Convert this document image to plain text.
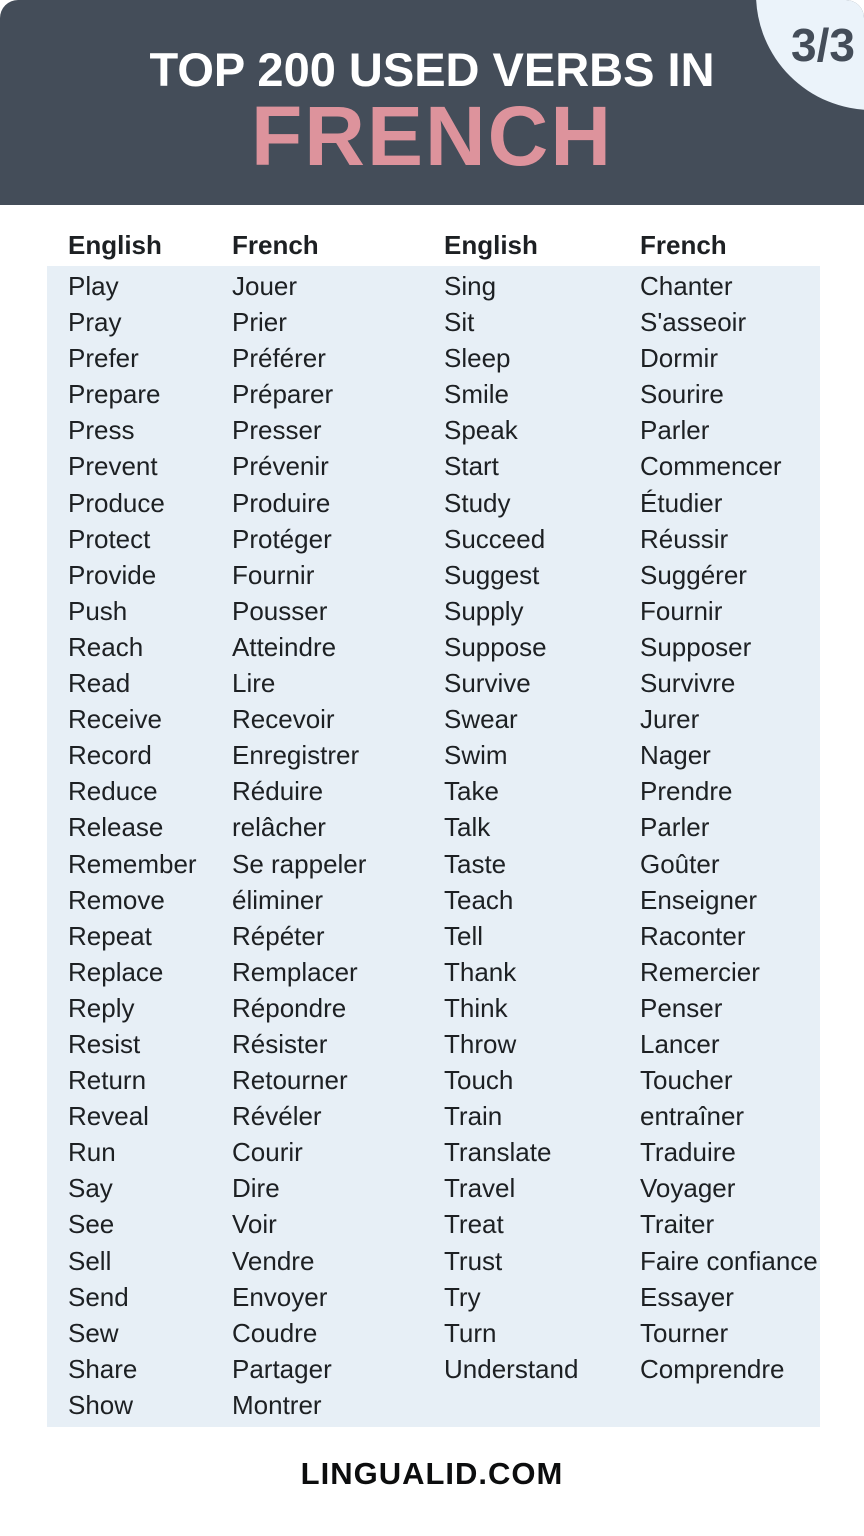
TOP 200 USED VERBS IN
FRENCH
3/3
English	French	English	French
Play	Jouer	Sing	Chanter
Pray	Prier	Sit	S'asseoir
Prefer	Préférer	Sleep	Dormir
Prepare	Préparer	Smile	Sourire
Press	Presser	Speak	Parler
Prevent	Prévenir	Start	Commencer
Produce	Produire	Study	Étudier
Protect	Protéger	Succeed	Réussir
Provide	Fournir	Suggest	Suggérer
Push	Pousser	Supply	Fournir
Reach	Atteindre	Suppose	Supposer
Read	Lire	Survive	Survivre
Receive	Recevoir	Swear	Jurer
Record	Enregistrer	Swim	Nager
Reduce	Réduire	Take	Prendre
Release	relâcher	Talk	Parler
Remember	Se rappeler	Taste	Goûter
Remove	éliminer	Teach	Enseigner
Repeat	Répéter	Tell	Raconter
Replace	Remplacer	Thank	Remercier
Reply	Répondre	Think	Penser
Resist	Résister	Throw	Lancer
Return	Retourner	Touch	Toucher
Reveal	Révéler	Train	entraîner
Run	Courir	Translate	Traduire
Say	Dire	Travel	Voyager
See	Voir	Treat	Traiter
Sell	Vendre	Trust	Faire confiance
Send	Envoyer	Try	Essayer
Sew	Coudre	Turn	Tourner
Share	Partager	Understand	Comprendre
Show	Montrer
LINGUALID.COM
